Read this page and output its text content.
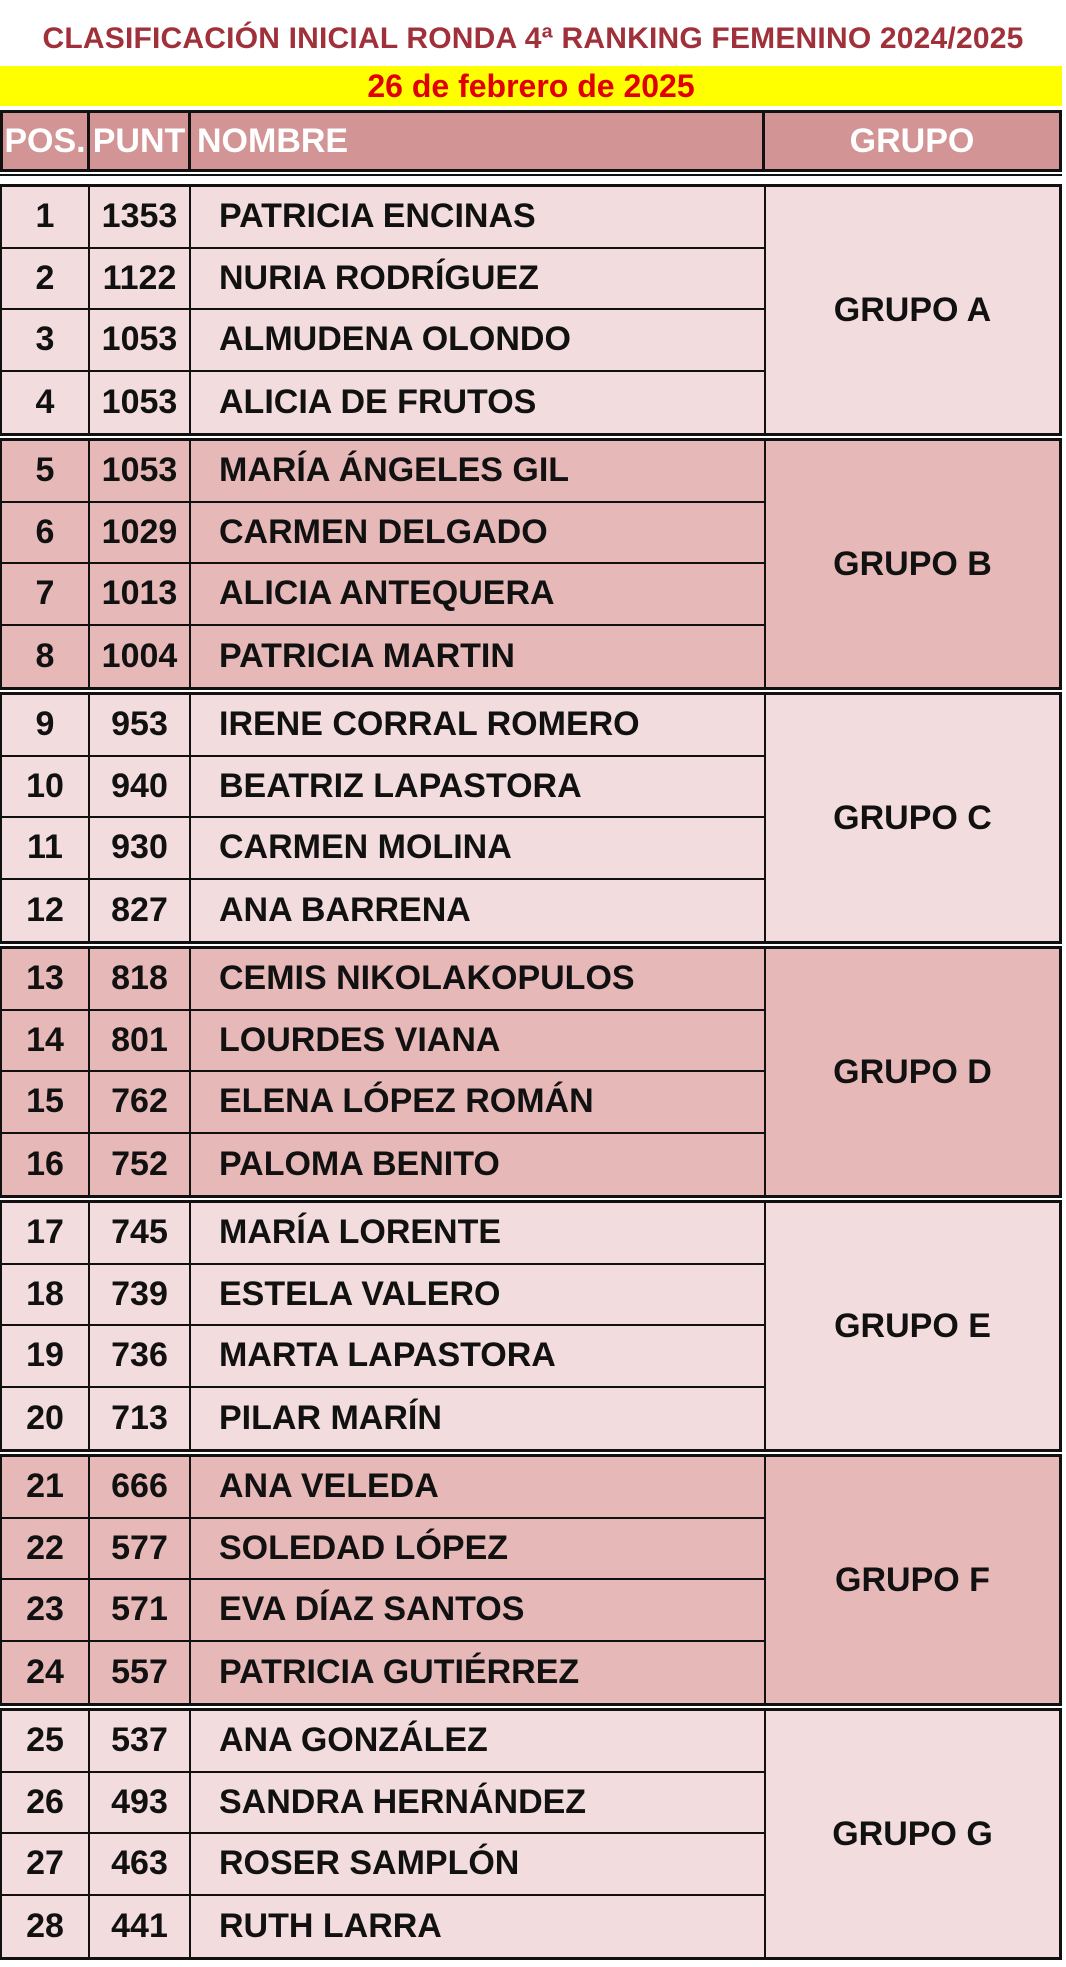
CLASIFICACIÓN INICIAL RONDA 4ª RANKING FEMENINO 2024/2025
26 de febrero de 2025
POS. PUNT NOMBRE	GRUPO
1	1353	PATRICIA ENCINAS
2	1122	NURIA RODRÍGUEZ
3	1053	ALMUDENA OLONDO
4	1053	ALICIA DE FRUTOS
GRUPO A
5	1053	MARÍA ÁNGELES GIL
6	1029	CARMEN DELGADO
7	1013	ALICIA ANTEQUERA
8	1004	PATRICIA MARTIN
GRUPO B
9	953	IRENE CORRAL ROMERO
10	940	BEATRIZ LAPASTORA
11	930	CARMEN MOLINA
12	827	ANA BARRENA
GRUPO C
13	818	CEMIS NIKOLAKOPULOS
14	801	LOURDES VIANA
15	762	ELENA LÓPEZ ROMÁN
16	752	PALOMA BENITO
GRUPO D
17	745	MARÍA LORENTE
18	739	ESTELA VALERO
19	736	MARTA LAPASTORA
20	713	PILAR MARÍN
GRUPO E
21	666	ANA VELEDA
22	577	SOLEDAD LÓPEZ
23	571	EVA DÍAZ SANTOS
24	557	PATRICIA GUTIÉRREZ
GRUPO F
25	537	ANA GONZÁLEZ
26	493	SANDRA HERNÁNDEZ
27	463	ROSER SAMPLÓN
28	441	RUTH LARRA
GRUPO G
